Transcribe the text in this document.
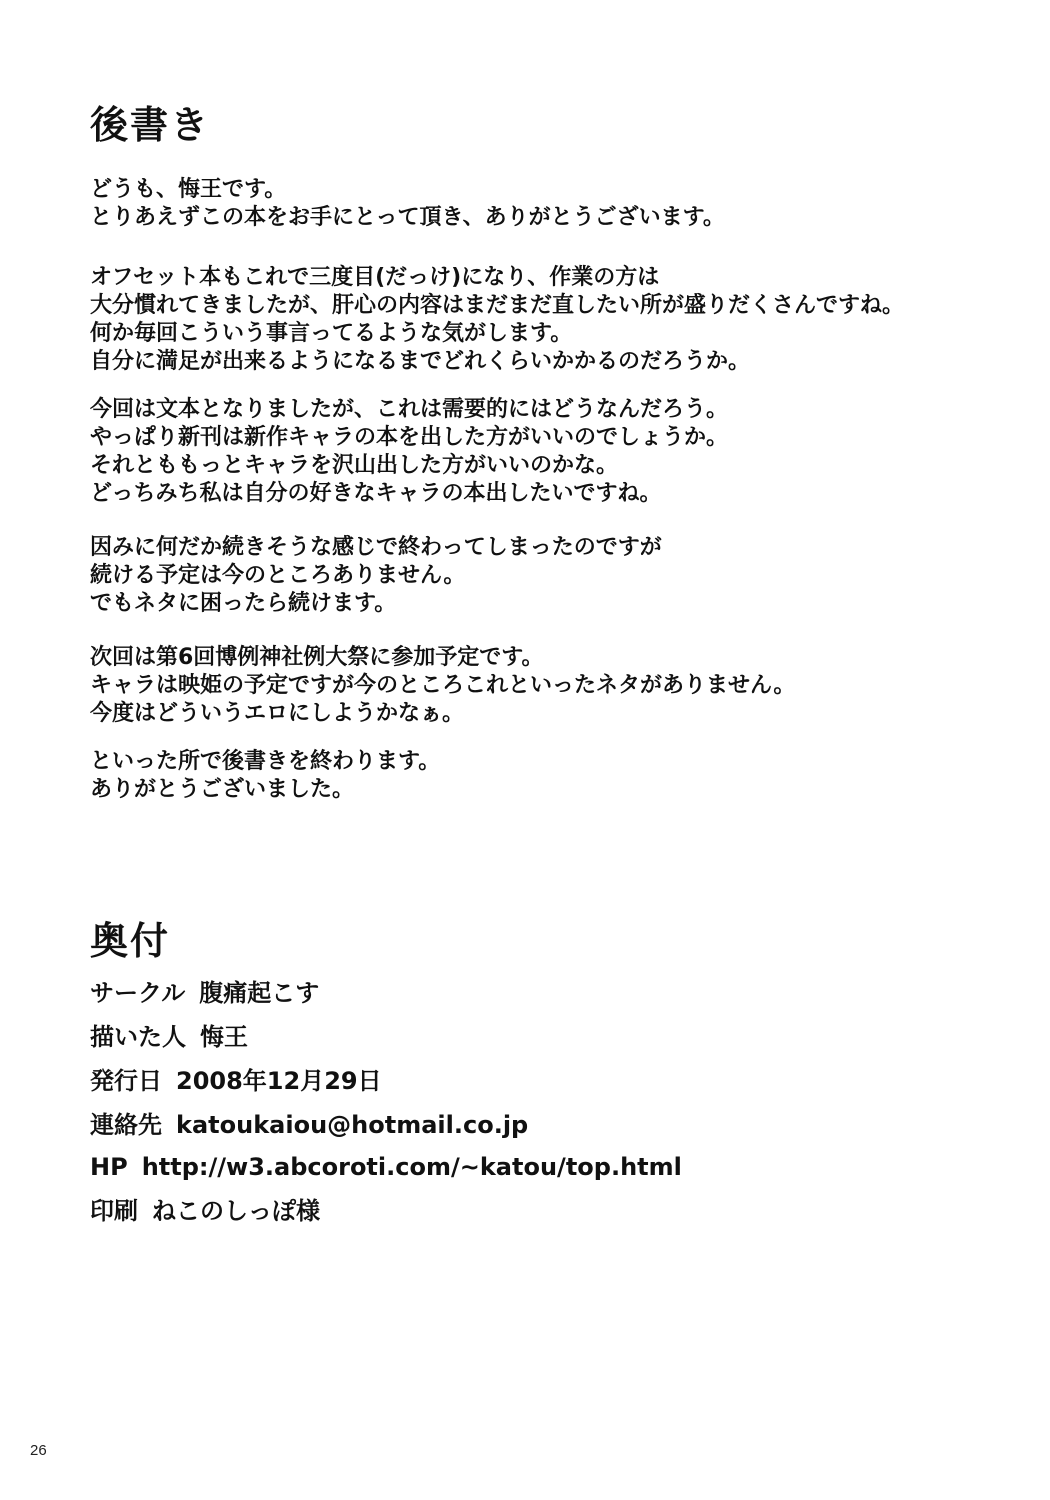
後書き

どうも、悔王です。
とりあえずこの本をお手にとって頂き、ありがとうございます。

オフセット本もこれで三度目(だっけ)になり、作業の方は
大分慣れてきましたが、肝心の内容はまだまだ直したい所が盛りだくさんですね。
何か毎回こういう事言ってるような気がします。
自分に満足が出来るようになるまでどれくらいかかるのだろうか。

今回は文本となりましたが、これは需要的にはどうなんだろう。
やっぱり新刊は新作キャラの本を出した方がいいのでしょうか。
それとももっとキャラを沢山出した方がいいのかな。
どっちみち私は自分の好きなキャラの本出したいですね。

因みに何だか続きそうな感じで終わってしまったのですが
続ける予定は今のところありません。
でもネタに困ったら続けます。

次回は第6回博例神社例大祭に参加予定です。
キャラは映姫の予定ですが今のところこれといったネタがありません。
今度はどういうエロにしようかなぁ。

といった所で後書きを終わります。
ありがとうございました。

奥付
サークル 腹痛起こす
描いた人 悔王
発行日 2008年12月29日
連絡先 katoukaiou@hotmail.co.jp
HP http://w3.abcoroti.com/~katou/top.html
印刷 ねこのしっぽ様
26
